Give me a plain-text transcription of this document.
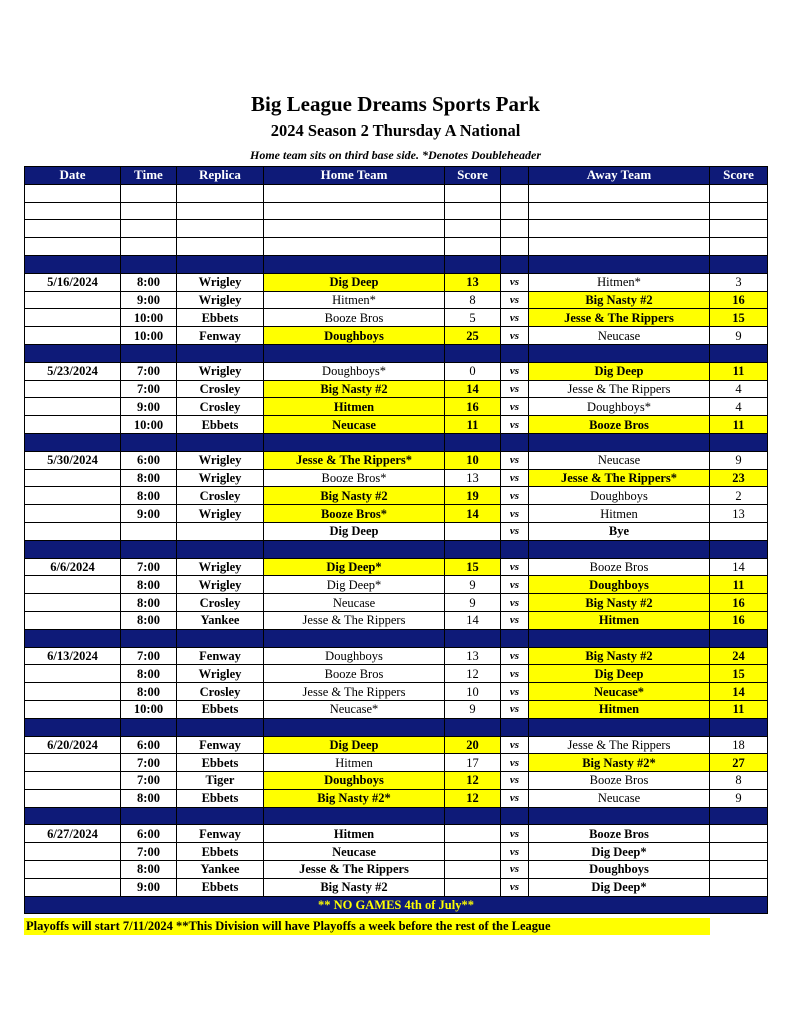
Big League Dreams Sports Park
2024 Season 2 Thursday A National
Home team sits on third base side. *Denotes Doubleheader
Date	Time	Replica	Home Team	Score		Away Team	Score

5/16/2024	8:00	Wrigley	Dig Deep	13	vs	Hitmen*	3
	9:00	Wrigley	Hitmen*	8	vs	Big Nasty #2	16
	10:00	Ebbets	Booze Bros	5	vs	Jesse & The Rippers	15
	10:00	Fenway	Doughboys	25	vs	Neucase	9

5/23/2024	7:00	Wrigley	Doughboys*	0	vs	Dig Deep	11
	7:00	Crosley	Big Nasty #2	14	vs	Jesse & The Rippers	4
	9:00	Crosley	Hitmen	16	vs	Doughboys*	4
	10:00	Ebbets	Neucase	11	vs	Booze Bros	11

5/30/2024	6:00	Wrigley	Jesse & The Rippers*	10	vs	Neucase	9
	8:00	Wrigley	Booze Bros*	13	vs	Jesse & The Rippers*	23
	8:00	Crosley	Big Nasty #2	19	vs	Doughboys	2
	9:00	Wrigley	Booze Bros*	14	vs	Hitmen	13
			Dig Deep		vs	Bye	

6/6/2024	7:00	Wrigley	Dig Deep*	15	vs	Booze Bros	14
	8:00	Wrigley	Dig Deep*	9	vs	Doughboys	11
	8:00	Crosley	Neucase	9	vs	Big Nasty #2	16
	8:00	Yankee	Jesse & The Rippers	14	vs	Hitmen	16

6/13/2024	7:00	Fenway	Doughboys	13	vs	Big Nasty #2	24
	8:00	Wrigley	Booze Bros	12	vs	Dig Deep	15
	8:00	Crosley	Jesse & The Rippers	10	vs	Neucase*	14
	10:00	Ebbets	Neucase*	9	vs	Hitmen	11

6/20/2024	6:00	Fenway	Dig Deep	20	vs	Jesse & The Rippers	18
	7:00	Ebbets	Hitmen	17	vs	Big Nasty #2*	27
	7:00	Tiger	Doughboys	12	vs	Booze Bros	8
	8:00	Ebbets	Big Nasty #2*	12	vs	Neucase	9

6/27/2024	6:00	Fenway	Hitmen		vs	Booze Bros	
	7:00	Ebbets	Neucase		vs	Dig Deep*	
	8:00	Yankee	Jesse & The Rippers		vs	Doughboys	
	9:00	Ebbets	Big Nasty #2		vs	Dig Deep*	
** NO GAMES 4th of July**							
Playoffs will start 7/11/2024 **This Division will have Playoffs a week before the rest of the League
